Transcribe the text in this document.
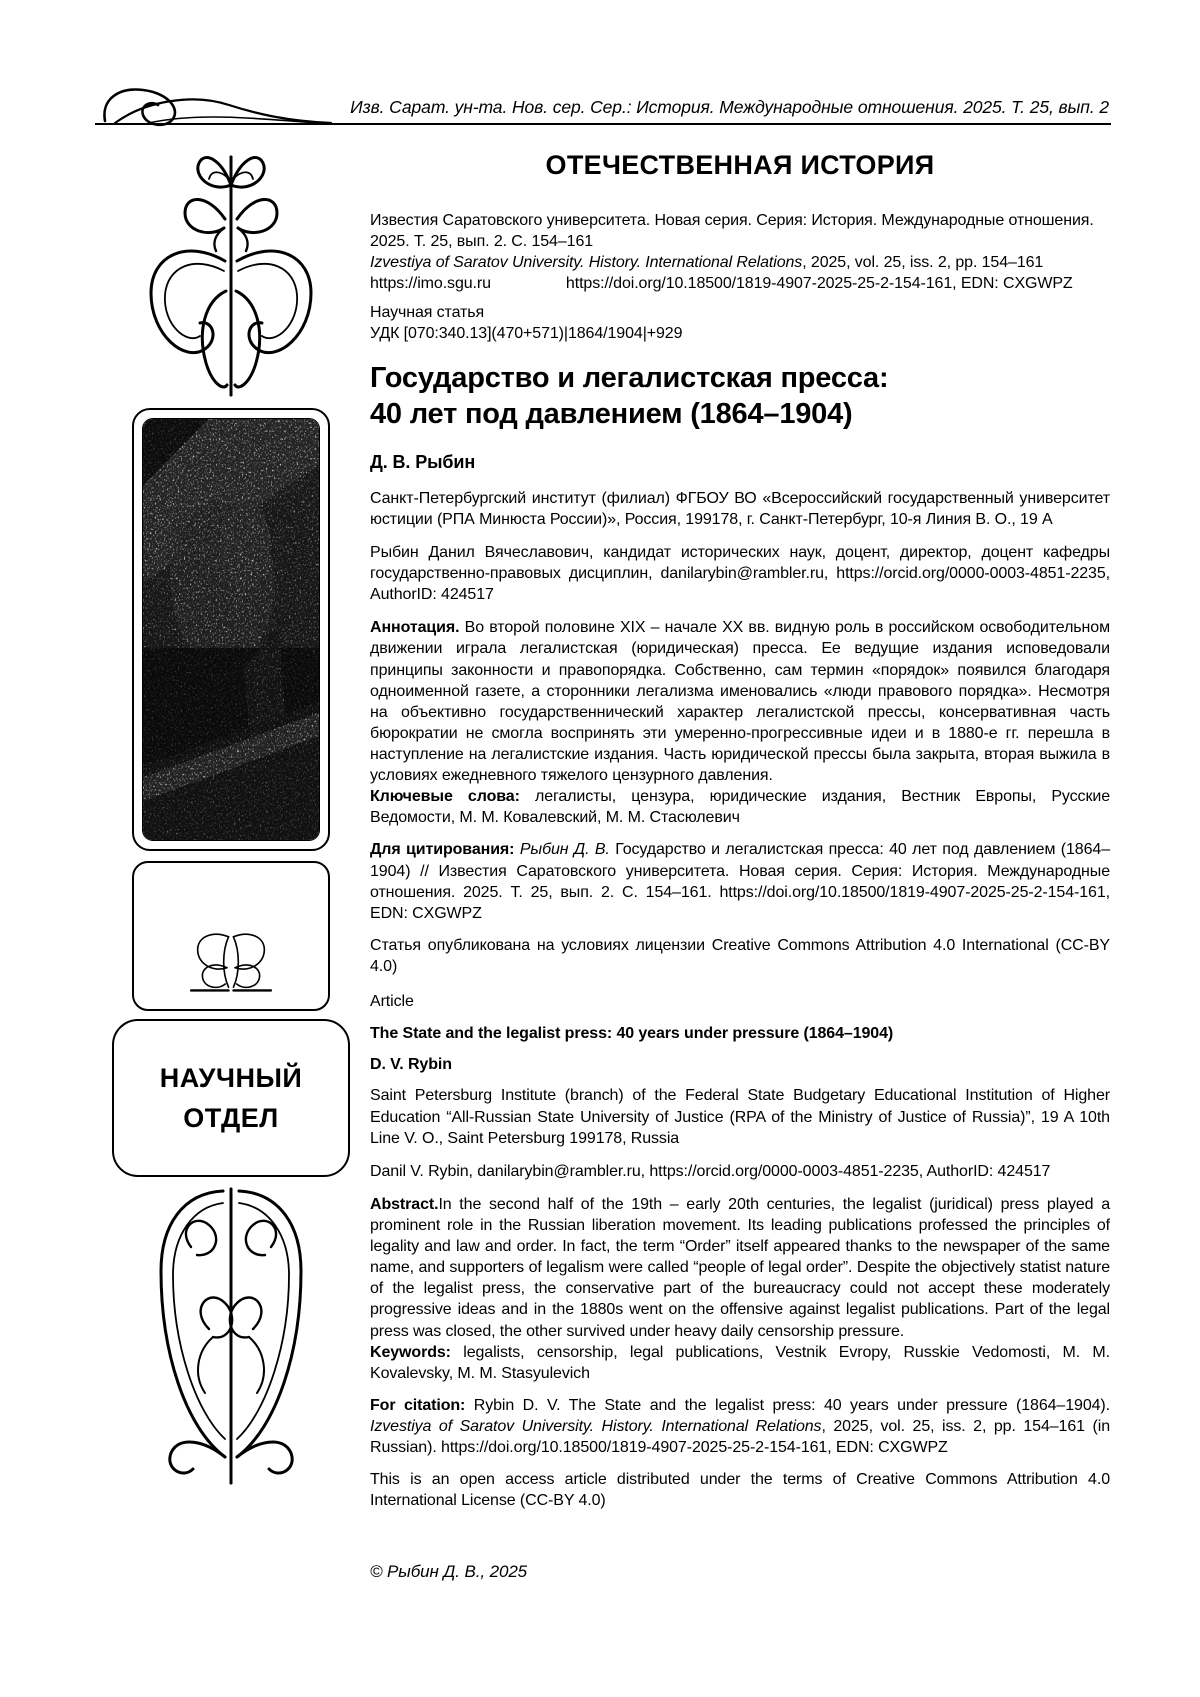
Изв. Сарат. ун-та. Нов. сер. Сер.: История. Международные отношения. 2025. Т. 25, вып. 2
НАУЧНЫЙ
ОТДЕЛ
ОТЕЧЕСТВЕННАЯ ИСТОРИЯ

Известия Саратовского университета. Новая серия. Серия: История. Международные отношения. 2025. Т. 25, вып. 2. С. 154–161
Izvestiya of Saratov University. History. International Relations, 2025, vol. 25, iss. 2, pp. 154–161
https://imo.sgu.ru	https://doi.org/10.18500/1819-4907-2025-25-2-154-161, EDN: CXGWPZ

Научная статья
УДК [070:340.13](470+571)|1864/1904|+929

Государство и легалистская пресса:
40 лет под давлением (1864–1904)

Д. В. Рыбин

Санкт-Петербургский институт (филиал) ФГБОУ ВО «Всероссийский государственный университет юстиции (РПА Минюста России)», Россия, 199178, г. Санкт-Петербург, 10-я Линия В. О., 19 А

Рыбин Данил Вячеславович, кандидат исторических наук, доцент, директор, доцент кафедры государственно-правовых дисциплин, danilarybin@rambler.ru, https://orcid.org/0000-0003-4851-2235, AuthorID: 424517

Аннотация. Во второй половине XIX – начале XX вв. видную роль в российском освободительном движении играла легалистская (юридическая) пресса. Ее ведущие издания исповедовали принципы законности и правопорядка. Собственно, сам термин «порядок» появился благодаря одноименной газете, а сторонники легализма именовались «люди правового порядка». Несмотря на объективно государственнический характер легалистской прессы, консервативная часть бюрократии не смогла воспринять эти умеренно-прогрессивные идеи и в 1880-е гг. перешла в наступление на легалистские издания. Часть юридической прессы была закрыта, вторая выжила в условиях ежедневного тяжелого цензурного давления.
Ключевые слова: легалисты, цензура, юридические издания, Вестник Европы, Русские Ведомости, М. М. Ковалевский, М. М. Стасюлевич

Для цитирования: Рыбин Д. В. Государство и легалистская пресса: 40 лет под давлением (1864–1904) // Известия Саратовского университета. Новая серия. Серия: История. Международные отношения. 2025. Т. 25, вып. 2. С. 154–161. https://doi.org/10.18500/1819-4907-2025-25-2-154-161, EDN: CXGWPZ

Статья опубликована на условиях лицензии Creative Commons Attribution 4.0 International (CC-BY 4.0)

Article

The State and the legalist press: 40 years under pressure (1864–1904)

D. V. Rybin

Saint Petersburg Institute (branch) of the Federal State Budgetary Educational Institution of Higher Education “All-Russian State University of Justice (RPA of the Ministry of Justice of Russia)”, 19 A 10th Line V. O., Saint Petersburg 199178, Russia

Danil V. Rybin, danilarybin@rambler.ru, https://orcid.org/0000-0003-4851-2235, AuthorID: 424517

Abstract.In the second half of the 19th – early 20th centuries, the legalist (juridical) press played a prominent role in the Russian liberation movement. Its leading publications professed the principles of legality and law and order. In fact, the term “Order” itself appeared thanks to the newspaper of the same name, and supporters of legalism were called “people of legal order”. Despite the objectively statist nature of the legalist press, the conservative part of the bureaucracy could not accept these moderately progressive ideas and in the 1880s went on the offensive against legalist publications. Part of the legal press was closed, the other survived under heavy daily censorship pressure.
Keywords: legalists, censorship, legal publications, Vestnik Evropy, Russkie Vedomosti, M. M. Kovalevsky, M. M. Stasyulevich

For citation: Rybin D. V. The State and the legalist press: 40 years under pressure (1864–1904). Izvestiya of Saratov University. History. International Relations, 2025, vol. 25, iss. 2, pp. 154–161 (in Russian). https://doi.org/10.18500/1819-4907-2025-25-2-154-161, EDN: CXGWPZ

This is an open access article distributed under the terms of Creative Commons Attribution 4.0 International License (CC-BY 4.0)

© Рыбин Д. В., 2025
